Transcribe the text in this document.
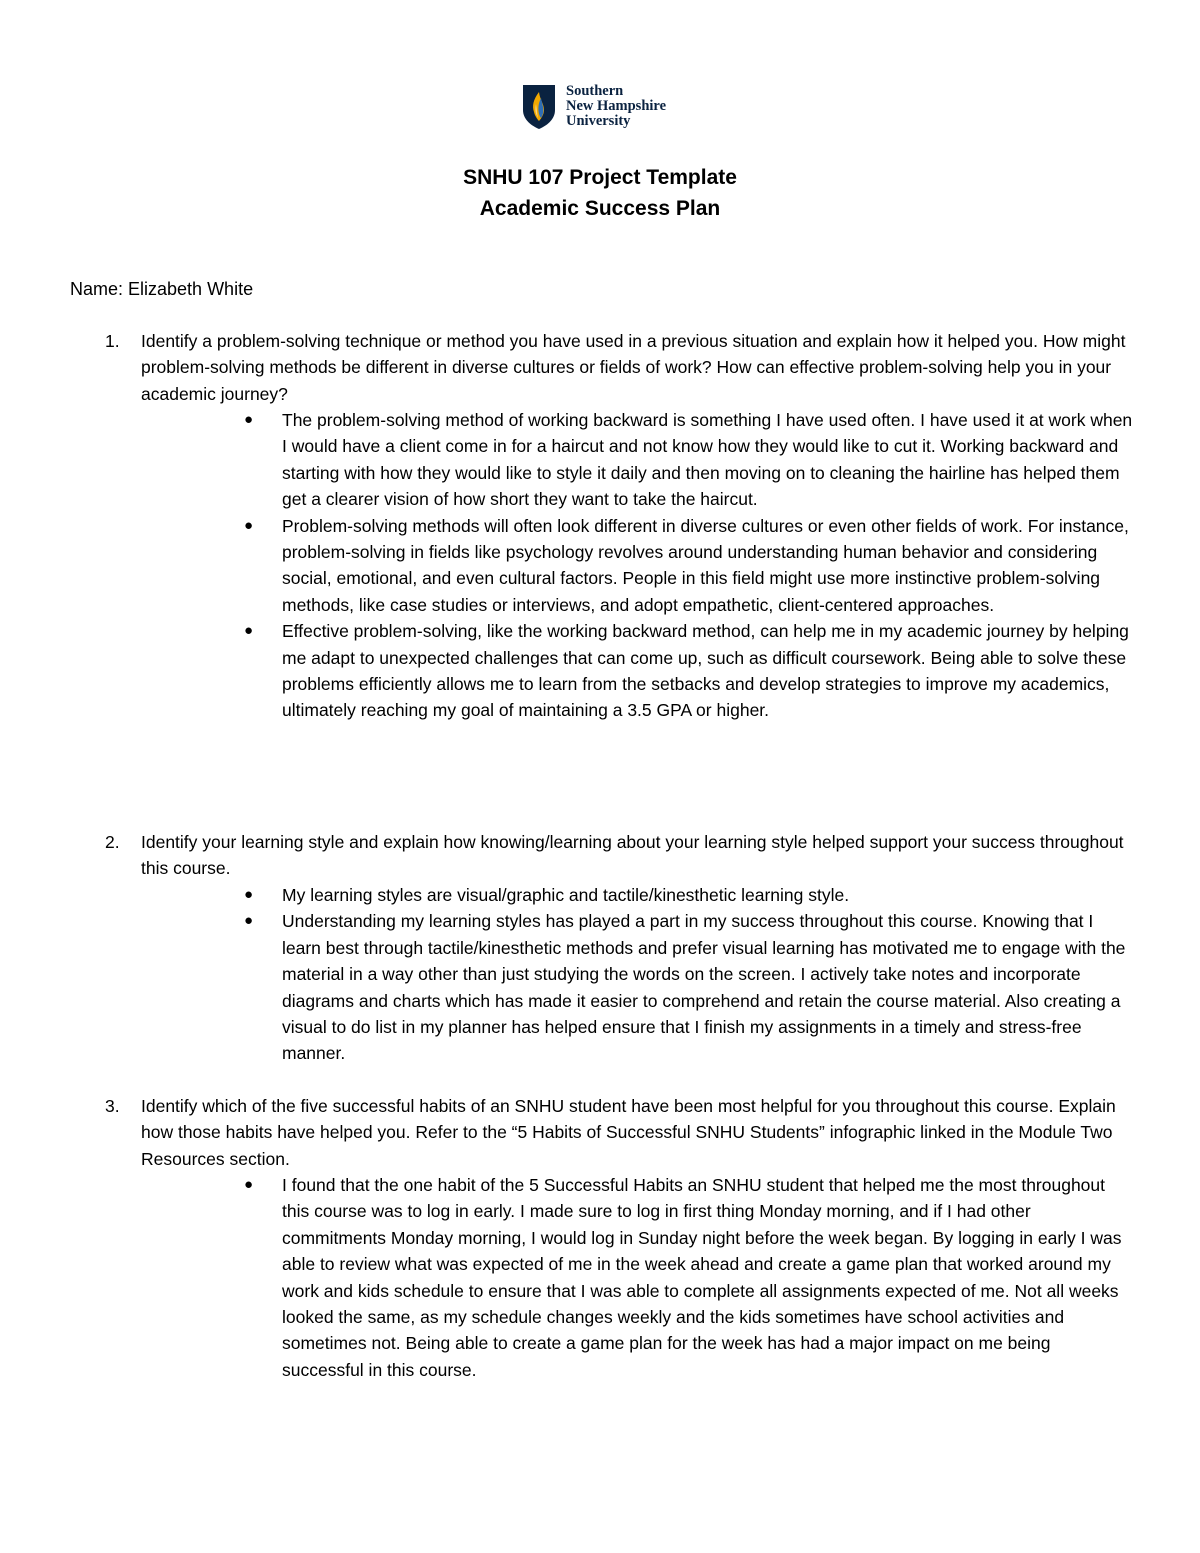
Southern
New Hampshire
University
SNHU 107 Project Template
Academic Success Plan
Name: Elizabeth White
1. Identify a problem-solving technique or method you have used in a previous situation and explain how it helped you. How might problem-solving methods be different in diverse cultures or fields of work? How can effective problem-solving help you in your academic journey?
● The problem-solving method of working backward is something I have used often. I have used it at work when I would have a client come in for a haircut and not know how they would like to cut it. Working backward and starting with how they would like to style it daily and then moving on to cleaning the hairline has helped them get a clearer vision of how short they want to take the haircut.
● Problem-solving methods will often look different in diverse cultures or even other fields of work. For instance, problem-solving in fields like psychology revolves around understanding human behavior and considering social, emotional, and even cultural factors. People in this field might use more instinctive problem-solving methods, like case studies or interviews, and adopt empathetic, client-centered approaches.
● Effective problem-solving, like the working backward method, can help me in my academic journey by helping me adapt to unexpected challenges that can come up, such as difficult coursework. Being able to solve these problems efficiently allows me to learn from the setbacks and develop strategies to improve my academics, ultimately reaching my goal of maintaining a 3.5 GPA or higher.
2. Identify your learning style and explain how knowing/learning about your learning style helped support your success throughout this course.
● My learning styles are visual/graphic and tactile/kinesthetic learning style.
● Understanding my learning styles has played a part in my success throughout this course. Knowing that I learn best through tactile/kinesthetic methods and prefer visual learning has motivated me to engage with the material in a way other than just studying the words on the screen. I actively take notes and incorporate diagrams and charts which has made it easier to comprehend and retain the course material. Also creating a visual to do list in my planner has helped ensure that I finish my assignments in a timely and stress-free manner.
3. Identify which of the five successful habits of an SNHU student have been most helpful for you throughout this course. Explain how those habits have helped you. Refer to the “5 Habits of Successful SNHU Students” infographic linked in the Module Two Resources section.
● I found that the one habit of the 5 Successful Habits an SNHU student that helped me the most throughout this course was to log in early. I made sure to log in first thing Monday morning, and if I had other commitments Monday morning, I would log in Sunday night before the week began. By logging in early I was able to review what was expected of me in the week ahead and create a game plan that worked around my work and kids schedule to ensure that I was able to complete all assignments expected of me. Not all weeks looked the same, as my schedule changes weekly and the kids sometimes have school activities and sometimes not. Being able to create a game plan for the week has had a major impact on me being successful in this course.
